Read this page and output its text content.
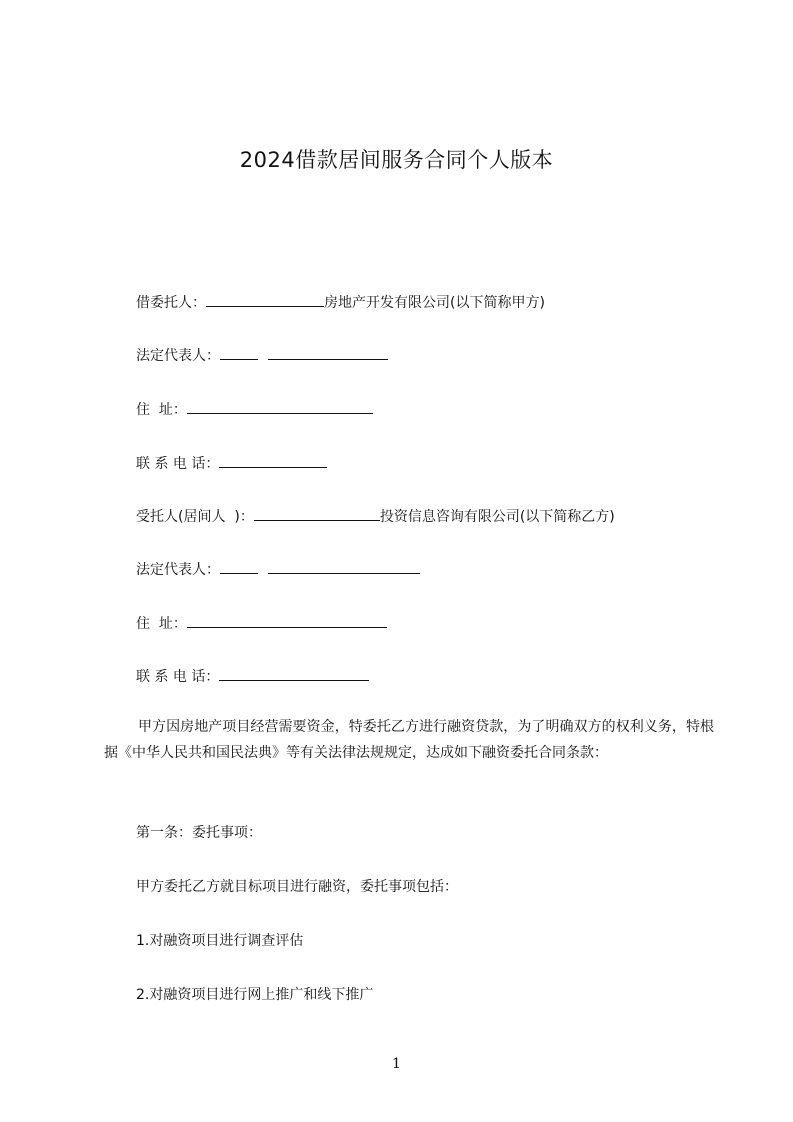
2024借款居间服务合同个人版本
借委托人：	房地产开发有限公司(以下简称甲方)
法定代表人：
住  址：
联 系 电 话：
受托人(居间人  )：	投资信息咨询有限公司(以下简称乙方)
法定代表人：
住  址：
联 系 电 话：
甲方因房地产项目经营需要资金，特委托乙方进行融资贷款，为了明确双方的权利义务，特根据《中华人民共和国民法典》等有关法律法规规定，达成如下融资委托合同条款：
第一条：委托事项：
甲方委托乙方就目标项目进行融资，委托事项包括：
1.对融资项目进行调查评估
2.对融资项目进行网上推广和线下推广
1
